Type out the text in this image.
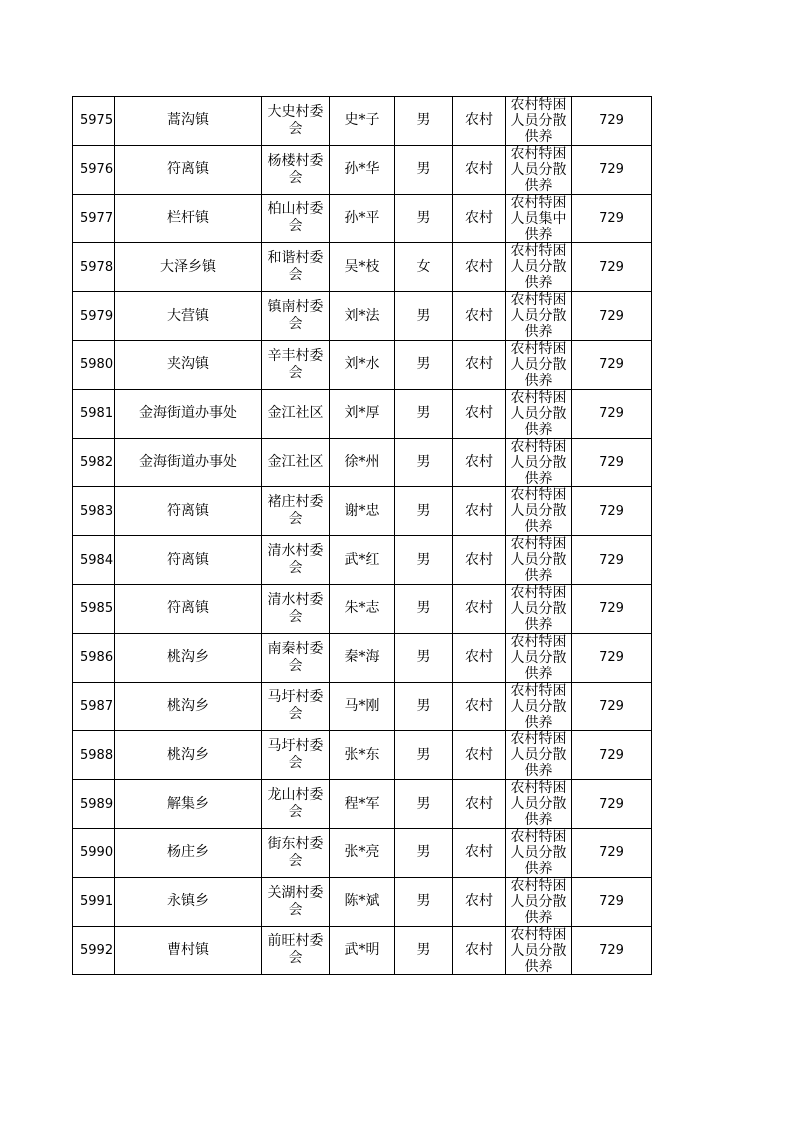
5975	蒿沟镇	大史村委会	史*子	男	农村	农村特困人员分散供养	729
5976	符离镇	杨楼村委会	孙*华	男	农村	农村特困人员分散供养	729
5977	栏杆镇	柏山村委会	孙*平	男	农村	农村特困人员集中供养	729
5978	大泽乡镇	和谐村委会	吴*枝	女	农村	农村特困人员分散供养	729
5979	大营镇	镇南村委会	刘*法	男	农村	农村特困人员分散供养	729
5980	夹沟镇	辛丰村委会	刘*水	男	农村	农村特困人员分散供养	729
5981	金海街道办事处	金江社区	刘*厚	男	农村	农村特困人员分散供养	729
5982	金海街道办事处	金江社区	徐*州	男	农村	农村特困人员分散供养	729
5983	符离镇	褚庄村委会	谢*忠	男	农村	农村特困人员分散供养	729
5984	符离镇	清水村委会	武*红	男	农村	农村特困人员分散供养	729
5985	符离镇	清水村委会	朱*志	男	农村	农村特困人员分散供养	729
5986	桃沟乡	南秦村委会	秦*海	男	农村	农村特困人员分散供养	729
5987	桃沟乡	马圩村委会	马*刚	男	农村	农村特困人员分散供养	729
5988	桃沟乡	马圩村委会	张*东	男	农村	农村特困人员分散供养	729
5989	解集乡	龙山村委会	程*军	男	农村	农村特困人员分散供养	729
5990	杨庄乡	街东村委会	张*亮	男	农村	农村特困人员分散供养	729
5991	永镇乡	关湖村委会	陈*斌	男	农村	农村特困人员分散供养	729
5992	曹村镇	前旺村委会	武*明	男	农村	农村特困人员分散供养	729
